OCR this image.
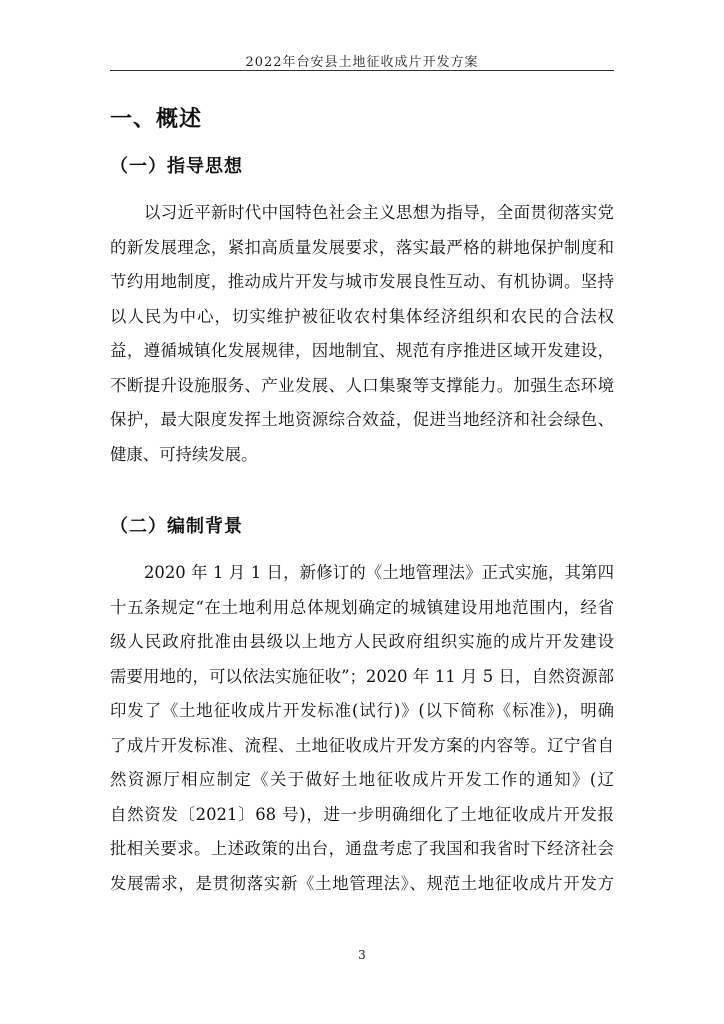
2022年台安县土地征收成片开发方案
一、概述
（一）指导思想
以习近平新时代中国特色社会主义思想为指导，全面贯彻落实党
的新发展理念，紧扣高质量发展要求，落实最严格的耕地保护制度和
节约用地制度，推动成片开发与城市发展良性互动、有机协调。坚持
以人民为中心，切实维护被征收农村集体经济组织和农民的合法权
益，遵循城镇化发展规律，因地制宜、规范有序推进区域开发建设，
不断提升设施服务、产业发展、人口集聚等支撑能力。加强生态环境
保护，最大限度发挥土地资源综合效益，促进当地经济和社会绿色、
健康、可持续发展。
（二）编制背景
2020 年 1 月 1 日，新修订的《土地管理法》正式实施，其第四
十五条规定“在土地利用总体规划确定的城镇建设用地范围内，经省
级人民政府批准由县级以上地方人民政府组织实施的成片开发建设
需要用地的，可以依法实施征收”；2020 年 11 月 5 日，自然资源部
印发了《土地征收成片开发标准(试行)》(以下简称《标准》)，明确
了成片开发标准、流程、土地征收成片开发方案的内容等。辽宁省自
然资源厅相应制定《关于做好土地征收成片开发工作的通知》(辽
自然资发〔2021〕68 号)，进一步明确细化了土地征收成片开发报
批相关要求。上述政策的出台，通盘考虑了我国和我省时下经济社会
发展需求，是贯彻落实新《土地管理法》、规范土地征收成片开发方
3
